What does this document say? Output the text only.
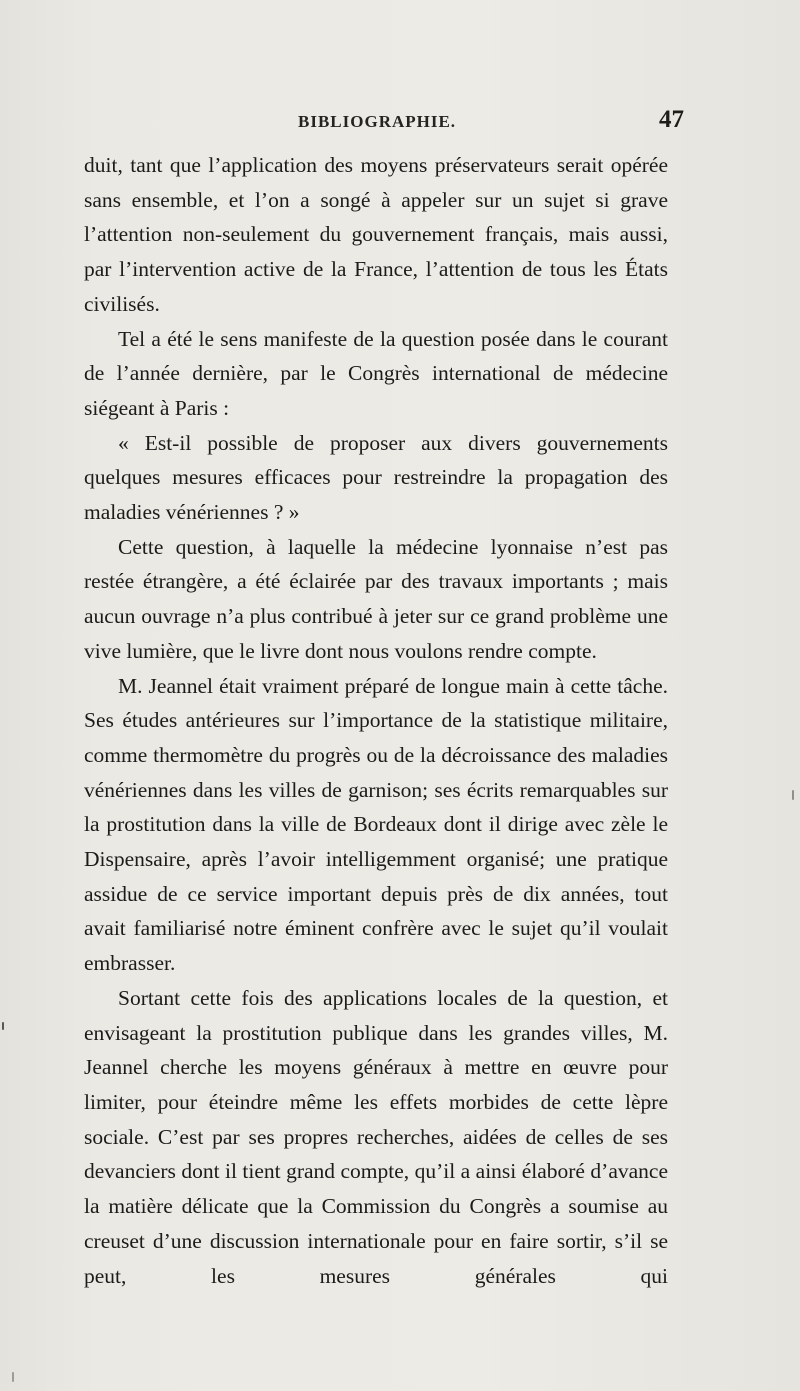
BIBLIOGRAPHIE.	47

duit, tant que l’application des moyens préservateurs serait opérée sans ensemble, et l’on a songé à appeler sur un sujet si grave l’attention non-seulement du gouvernement français, mais aussi, par l’intervention active de la France, l’attention de tous les États civilisés.

Tel a été le sens manifeste de la question posée dans le courant de l’année dernière, par le Congrès international de médecine siégeant à Paris :

« Est-il possible de proposer aux divers gouvernements quelques mesures efficaces pour restreindre la propagation des maladies vénériennes ? »

Cette question, à laquelle la médecine lyonnaise n’est pas restée étrangère, a été éclairée par des travaux importants ; mais aucun ouvrage n’a plus contribué à jeter sur ce grand problème une vive lumière, que le livre dont nous voulons rendre compte.

M. Jeannel était vraiment préparé de longue main à cette tâche. Ses études antérieures sur l’importance de la statistique militaire, comme thermomètre du progrès ou de la décroissance des maladies vénériennes dans les villes de garnison; ses écrits remarquables sur la prostitution dans la ville de Bordeaux dont il dirige avec zèle le Dispensaire, après l’avoir intelligemment organisé; une pratique assidue de ce service important depuis près de dix années, tout avait familiarisé notre éminent confrère avec le sujet qu’il voulait embrasser.

Sortant cette fois des applications locales de la question, et envisageant la prostitution publique dans les grandes villes, M. Jeannel cherche les moyens généraux à mettre en œuvre pour limiter, pour éteindre même les effets morbides de cette lèpre sociale. C’est par ses propres recherches, aidées de celles de ses devanciers dont il tient grand compte, qu’il a ainsi élaboré d’avance la matière délicate que la Commission du Congrès a soumise au creuset d’une discussion internationale pour en faire sortir, s’il se peut, les mesures générales qui
